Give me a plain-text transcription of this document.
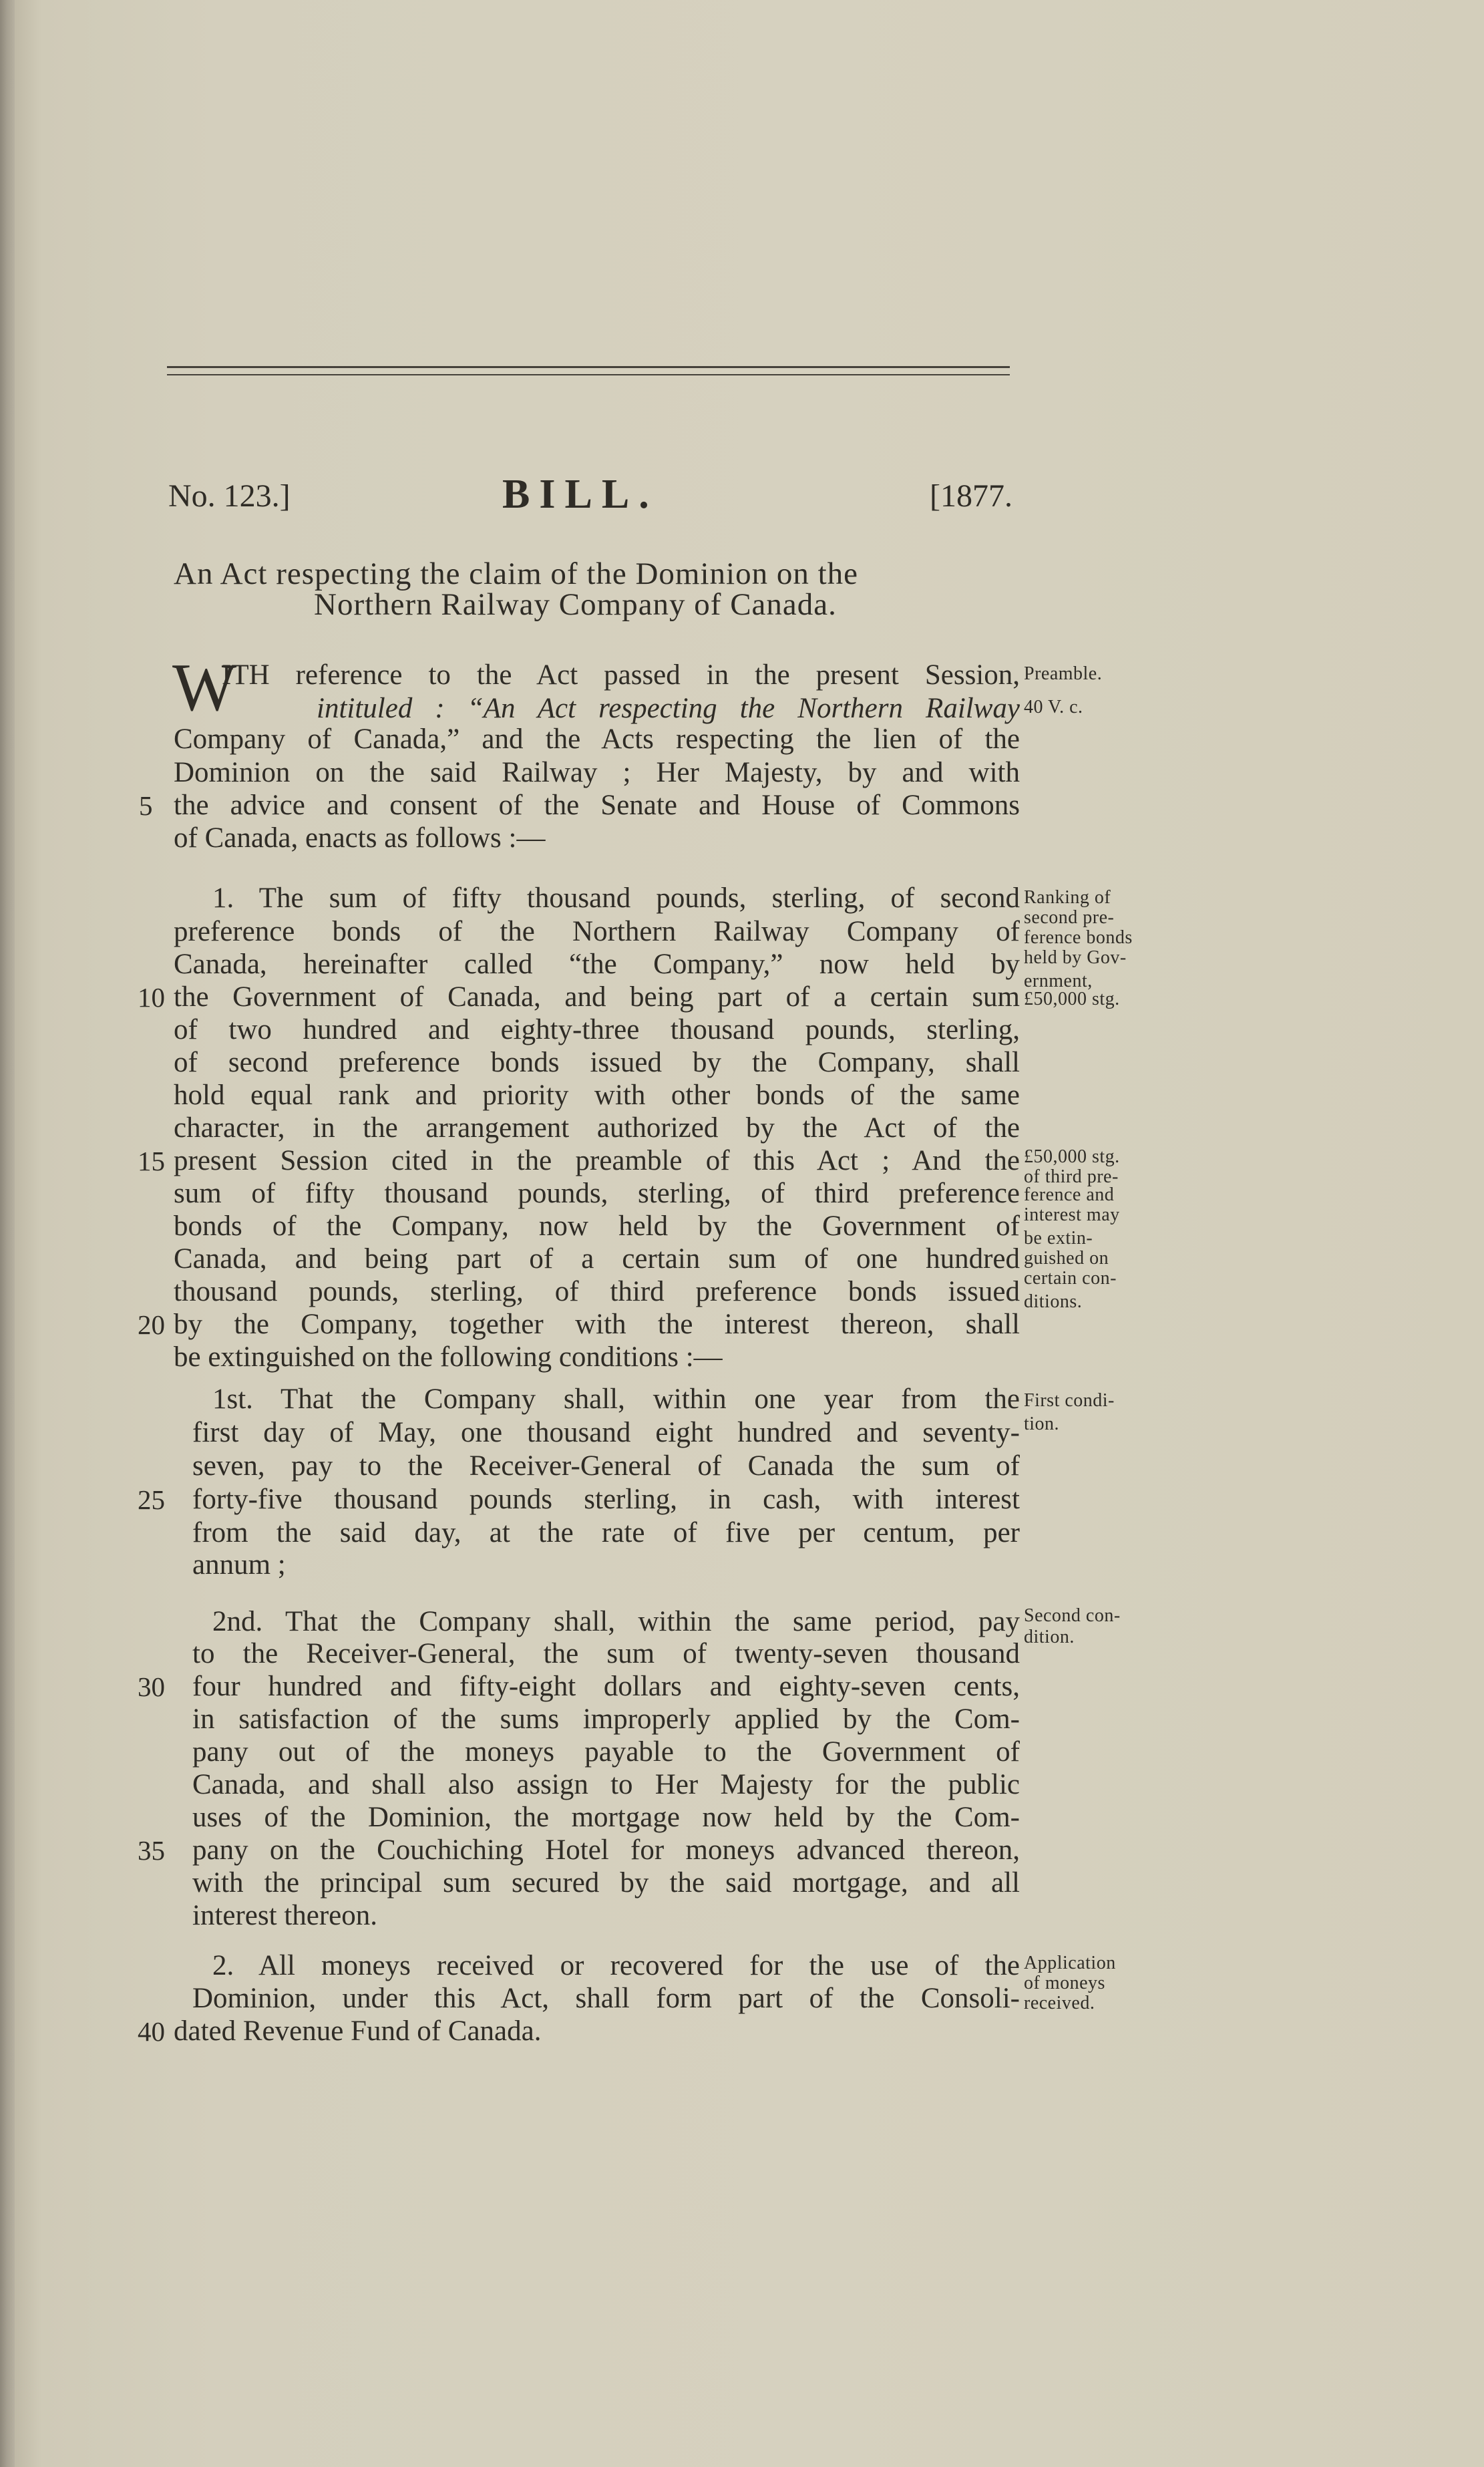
No. 123.]	BILL.	[1877.
An Act respecting the claim of the Dominion on the
Northern Railway Company of Canada.
W
ITH reference to the Act passed in the present Session,
intituled : “An Act respecting the Northern Railway
Company of Canada,” and the Acts respecting the lien of the
Dominion on the said Railway ; Her Majesty, by and with
the advice and consent of the Senate and House of Commons
of Canada, enacts as follows :—
1. The sum of fifty thousand pounds, sterling, of second
preference bonds of the Northern Railway Company of
Canada, hereinafter called “the Company,” now held by
the Government of Canada, and being part of a certain sum
of two hundred and eighty-three thousand pounds, sterling,
of second preference bonds issued by the Company, shall
hold equal rank and priority with other bonds of the same
character, in the arrangement authorized by the Act of the
present Session cited in the preamble of this Act ; And the
sum of fifty thousand pounds, sterling, of third preference
bonds of the Company, now held by the Government of
Canada, and being part of a certain sum of one hundred
thousand pounds, sterling, of third preference bonds issued
by the Company, together with the interest thereon, shall
be extinguished on the following conditions :—
1st. That the Company shall, within one year from the
first day of May, one thousand eight hundred and seventy-
seven, pay to the Receiver-General of Canada the sum of
forty-five thousand pounds sterling, in cash, with interest
from the said day, at the rate of five per centum, per
annum ;
2nd. That the Company shall, within the same period, pay
to the Receiver-General, the sum of twenty-seven thousand
four hundred and fifty-eight dollars and eighty-seven cents,
in satisfaction of the sums improperly applied by the Com-
pany out of the moneys payable to the Government of
Canada, and shall also assign to Her Majesty for the public
uses of the Dominion, the mortgage now held by the Com-
pany on the Couchiching Hotel for moneys advanced thereon,
with the principal sum secured by the said mortgage, and all
interest thereon.
2. All moneys received or recovered for the use of the
Dominion, under this Act, shall form part of the Consoli-
dated Revenue Fund of Canada.
5
10
15
20
25
30
35
40
Preamble.
40 V. c.
Ranking of
second pre-
ference bonds
held by Gov-
ernment,
£50,000 stg.
£50,000 stg.
of third pre-
ference and
interest may
be extin-
guished on
certain con-
ditions.
First condi-
tion.
Second con-
dition.
Application
of moneys
received.
